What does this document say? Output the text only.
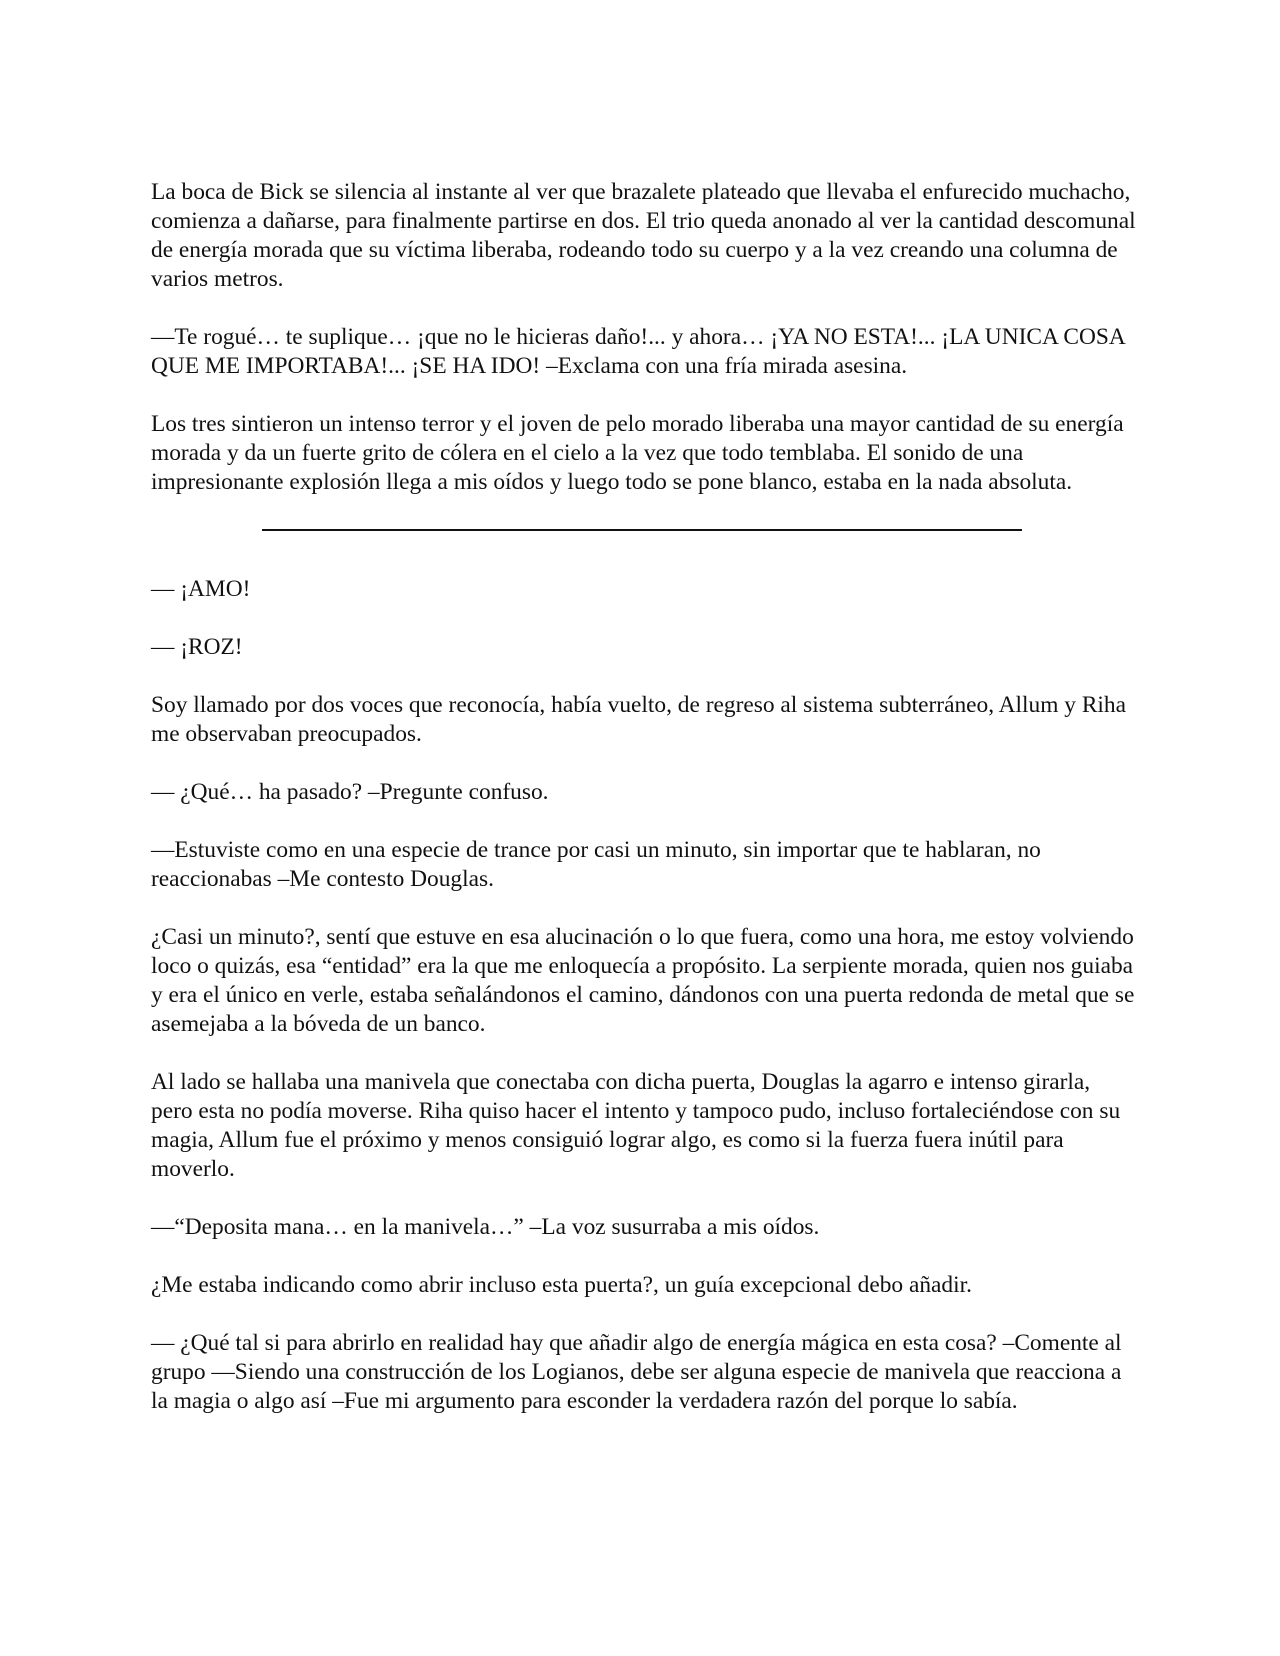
La boca de Bick se silencia al instante al ver que brazalete plateado que llevaba el enfurecido muchacho, comienza a dañarse, para finalmente partirse en dos. El trio queda anonado al ver la cantidad descomunal de energía morada que su víctima liberaba, rodeando todo su cuerpo y a la vez creando una columna de varios metros.

—Te rogué… te suplique… ¡que no le hicieras daño!... y ahora… ¡YA NO ESTA!... ¡LA UNICA COSA QUE ME IMPORTABA!... ¡SE HA IDO! –Exclama con una fría mirada asesina.

Los tres sintieron un intenso terror y el joven de pelo morado liberaba una mayor cantidad de su energía morada y da un fuerte grito de cólera en el cielo a la vez que todo temblaba. El sonido de una impresionante explosión llega a mis oídos y luego todo se pone blanco, estaba en la nada absoluta.

— ¡AMO!

— ¡ROZ!

Soy llamado por dos voces que reconocía, había vuelto, de regreso al sistema subterráneo, Allum y Riha me observaban preocupados.

— ¿Qué… ha pasado? –Pregunte confuso.

—Estuviste como en una especie de trance por casi un minuto, sin importar que te hablaran, no reaccionabas –Me contesto Douglas.

¿Casi un minuto?, sentí que estuve en esa alucinación o lo que fuera, como una hora, me estoy volviendo loco o quizás, esa “entidad” era la que me enloquecía a propósito. La serpiente morada, quien nos guiaba y era el único en verle, estaba señalándonos el camino, dándonos con una puerta redonda de metal que se asemejaba a la bóveda de un banco.

Al lado se hallaba una manivela que conectaba con dicha puerta, Douglas la agarro e intenso girarla, pero esta no podía moverse. Riha quiso hacer el intento y tampoco pudo, incluso fortaleciéndose con su magia, Allum fue el próximo y menos consiguió lograr algo, es como si la fuerza fuera inútil para moverlo.

—“Deposita mana… en la manivela…” –La voz susurraba a mis oídos.

¿Me estaba indicando como abrir incluso esta puerta?, un guía excepcional debo añadir.

— ¿Qué tal si para abrirlo en realidad hay que añadir algo de energía mágica en esta cosa? –Comente al grupo —Siendo una construcción de los Logianos, debe ser alguna especie de manivela que reacciona a la magia o algo así –Fue mi argumento para esconder la verdadera razón del porque lo sabía.
